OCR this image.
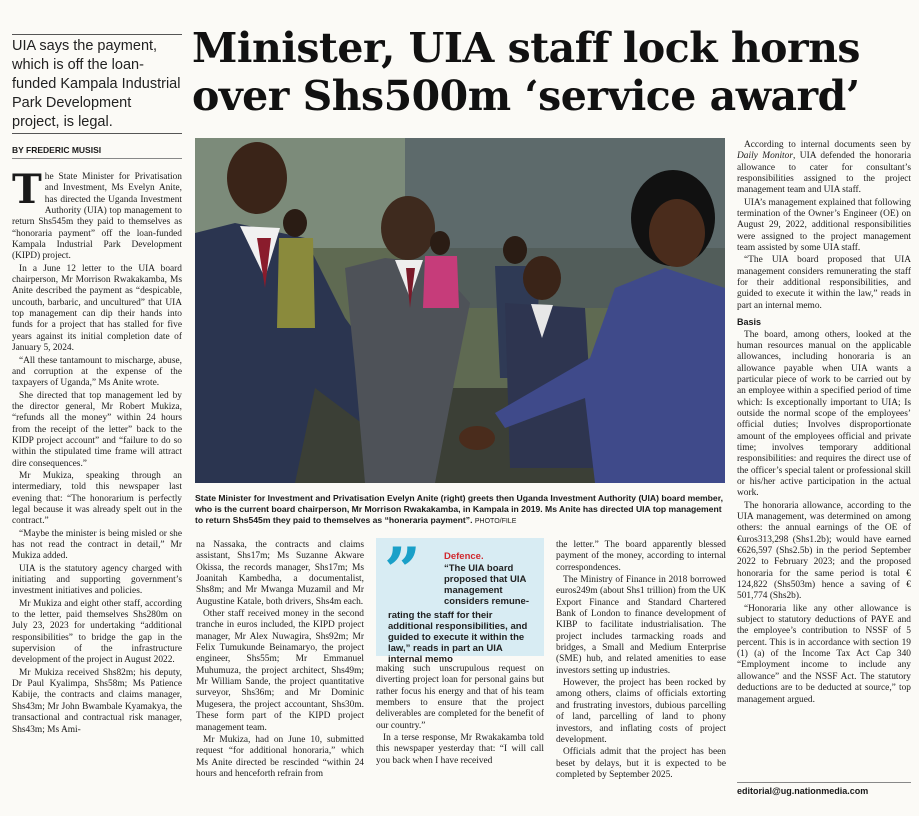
UIA says the payment, which is off the loan-funded Kampala Industrial Park Development project, is legal.
Minister, UIA staff lock horns
over Shs500m ‘service award’
BY FREDERIC MUSISI
T he State Minister for Privatisation and Investment, Ms Evelyn Anite, has directed the Uganda Investment Authority (UIA) top management to return Shs545m they paid to themselves as “honoraria payment” off the loan-funded Kampala Industrial Park Development (KIPD) project.

In a June 12 letter to the UIA board chairperson, Mr Morrison Rwakakamba, Ms Anite described the payment as “despicable, uncouth, barbaric, and uncultured” that UIA top management can dip their hands into funds for a project that has stalled for five years against its initial completion date of January 5, 2024.

“All these tantamount to mischarge, abuse, and corruption at the expense of the taxpayers of Uganda,” Ms Anite wrote.

She directed that top management led by the director general, Mr Robert Mukiza, “refunds all the money” within 24 hours from the receipt of the letter” back to the KIDP project account” and “failure to do so within the stipulated time frame will attract dire consequences.”

Mr Mukiza, speaking through an intermediary, told this newspaper last evening that: “The honorarium is perfectly legal because it was already spelt out in the contract.”

“Maybe the minister is being misled or she has not read the contract in detail,” Mr Mukiza added.

UIA is the statutory agency charged with initiating and supporting government’s investment initiatives and policies.

Mr Mukiza and eight other staff, according to the letter, paid themselves Shs280m on July 23, 2023 for undertaking “additional responsibilities” to bridge the gap in the supervision of the infrastructure development of the project in August 2022.

Mr Mukiza received Shs82m; his deputy, Dr Paul Kyalimpa, Shs58m; Ms Patience Kabije, the contracts and claims manager, Shs43m; Mr John Bwambale Kyamakya, the transactional and contractual risk manager, Shs43m; Ms Ami-

State Minister for Investment and Privatisation Evelyn Anite (right) greets then Uganda Investment Authority (UIA) board member, who is the current board chairperson, Mr Morrison Rwakakamba, in Kampala in 2019. Ms Anite has directed UIA top management to return Shs545m they paid to themselves as “honeraria payment”. PHOTO/FILE

na Nassaka, the contracts and claims assistant, Shs17m; Ms Suzanne Akware Okissa, the records manager, Shs17m; Ms Joanitah Kambedha, a documentalist, Shs8m; and Mr Mwanga Muzamil and Mr Augustine Katale, both drivers, Shs4m each.

Other staff received money in the second tranche in euros included, the KIPD project manager, Mr Alex Nuwagira, Shs92m; Mr Felix Tumukunde Beinamaryo, the project engineer, Shs55m; Mr Emmanuel Muhumuza, the project architect, Shs49m; Mr William Sande, the project quantitative surveyor, Shs36m; and Mr Dominic Mugesera, the project accountant, Shs30m. These form part of the KIPD project management team.

Mr Mukiza, had on June 10, submitted request “for additional honoraria,” which Ms Anite directed be rescinded “within 24 hours and henceforth refrain from

” Defence.
“The UIA board proposed that UIA management considers remune-
rating the staff for their additional responsibilities, and guided to execute it within the law,” reads in part an UIA internal memo

making such unscrupulous request on diverting project loan for personal gains but rather focus his energy and that of his team members to ensure that the project deliverables are completed for the benefit of our country.”

In a terse response, Mr Rwakakamba told this newspaper yesterday that: “I will call you back when I have received

the letter.” The board apparently blessed payment of the money, according to internal correspondences.

The Ministry of Finance in 2018 borrowed euros249m (about Shs1 trillion) from the UK Export Finance and Standard Chartered Bank of London to finance development of KIBP to facilitate industrialisation. The project includes tarmacking roads and bridges, a Small and Medium Enterprise (SME) hub, and related amenities to ease investors setting up industries.

However, the project has been rocked by among others, claims of officials extorting and frustrating investors, dubious parcelling of land, parcelling of land to phony investors, and inflating costs of project development.

Officials admit that the project has been beset by delays, but it is expected to be completed by September 2025.

According to internal documents seen by Daily Monitor, UIA defended the honoraria allowance to cater for consultant’s responsibilities assigned to the project management team and UIA staff.

UIA’s management explained that following termination of the Owner’s Engineer (OE) on August 29, 2022, additional responsibilities were assigned to the project management team assisted by some UIA staff.

“The UIA board proposed that UIA management considers remunerating the staff for their additional responsibilities, and guided to execute it within the law,” reads in part an internal memo.

Basis

The board, among others, looked at the human resources manual on the applicable allowances, including honoraria is an allowance payable when UIA wants a particular piece of work to be carried out by an employee within a specified period of time which: Is exceptionally important to UIA; Is outside the normal scope of the employees’ official duties; Involves disproportionate amount of the employees official and private time; involves temporary additional responsibilities: and requires the direct use of the officer’s special talent or professional skill or his/her active participation in the actual work.

The honoraria allowance, according to the UIA management, was determined on among others: the annual earnings of the OE of €uros313,298 (Shs1.2b); would have earned €626,597 (Shs2.5b) in the period September 2022 to February 2023; and the proposed honoraria for the same period is total € 124,822 (Shs503m) hence a saving of € 501,774 (Shs2b).

“Honoraria like any other allowance is subject to statutory deductions of PAYE and the employee’s contribution to NSSF of 5 percent. This is in accordance with section 19 (1) (a) of the Income Tax Act Cap 340 “Employment income to include any allowance” and the NSSF Act. The statutory deductions are to be deducted at source,” top management argued.

editorial@ug.nationmedia.com
